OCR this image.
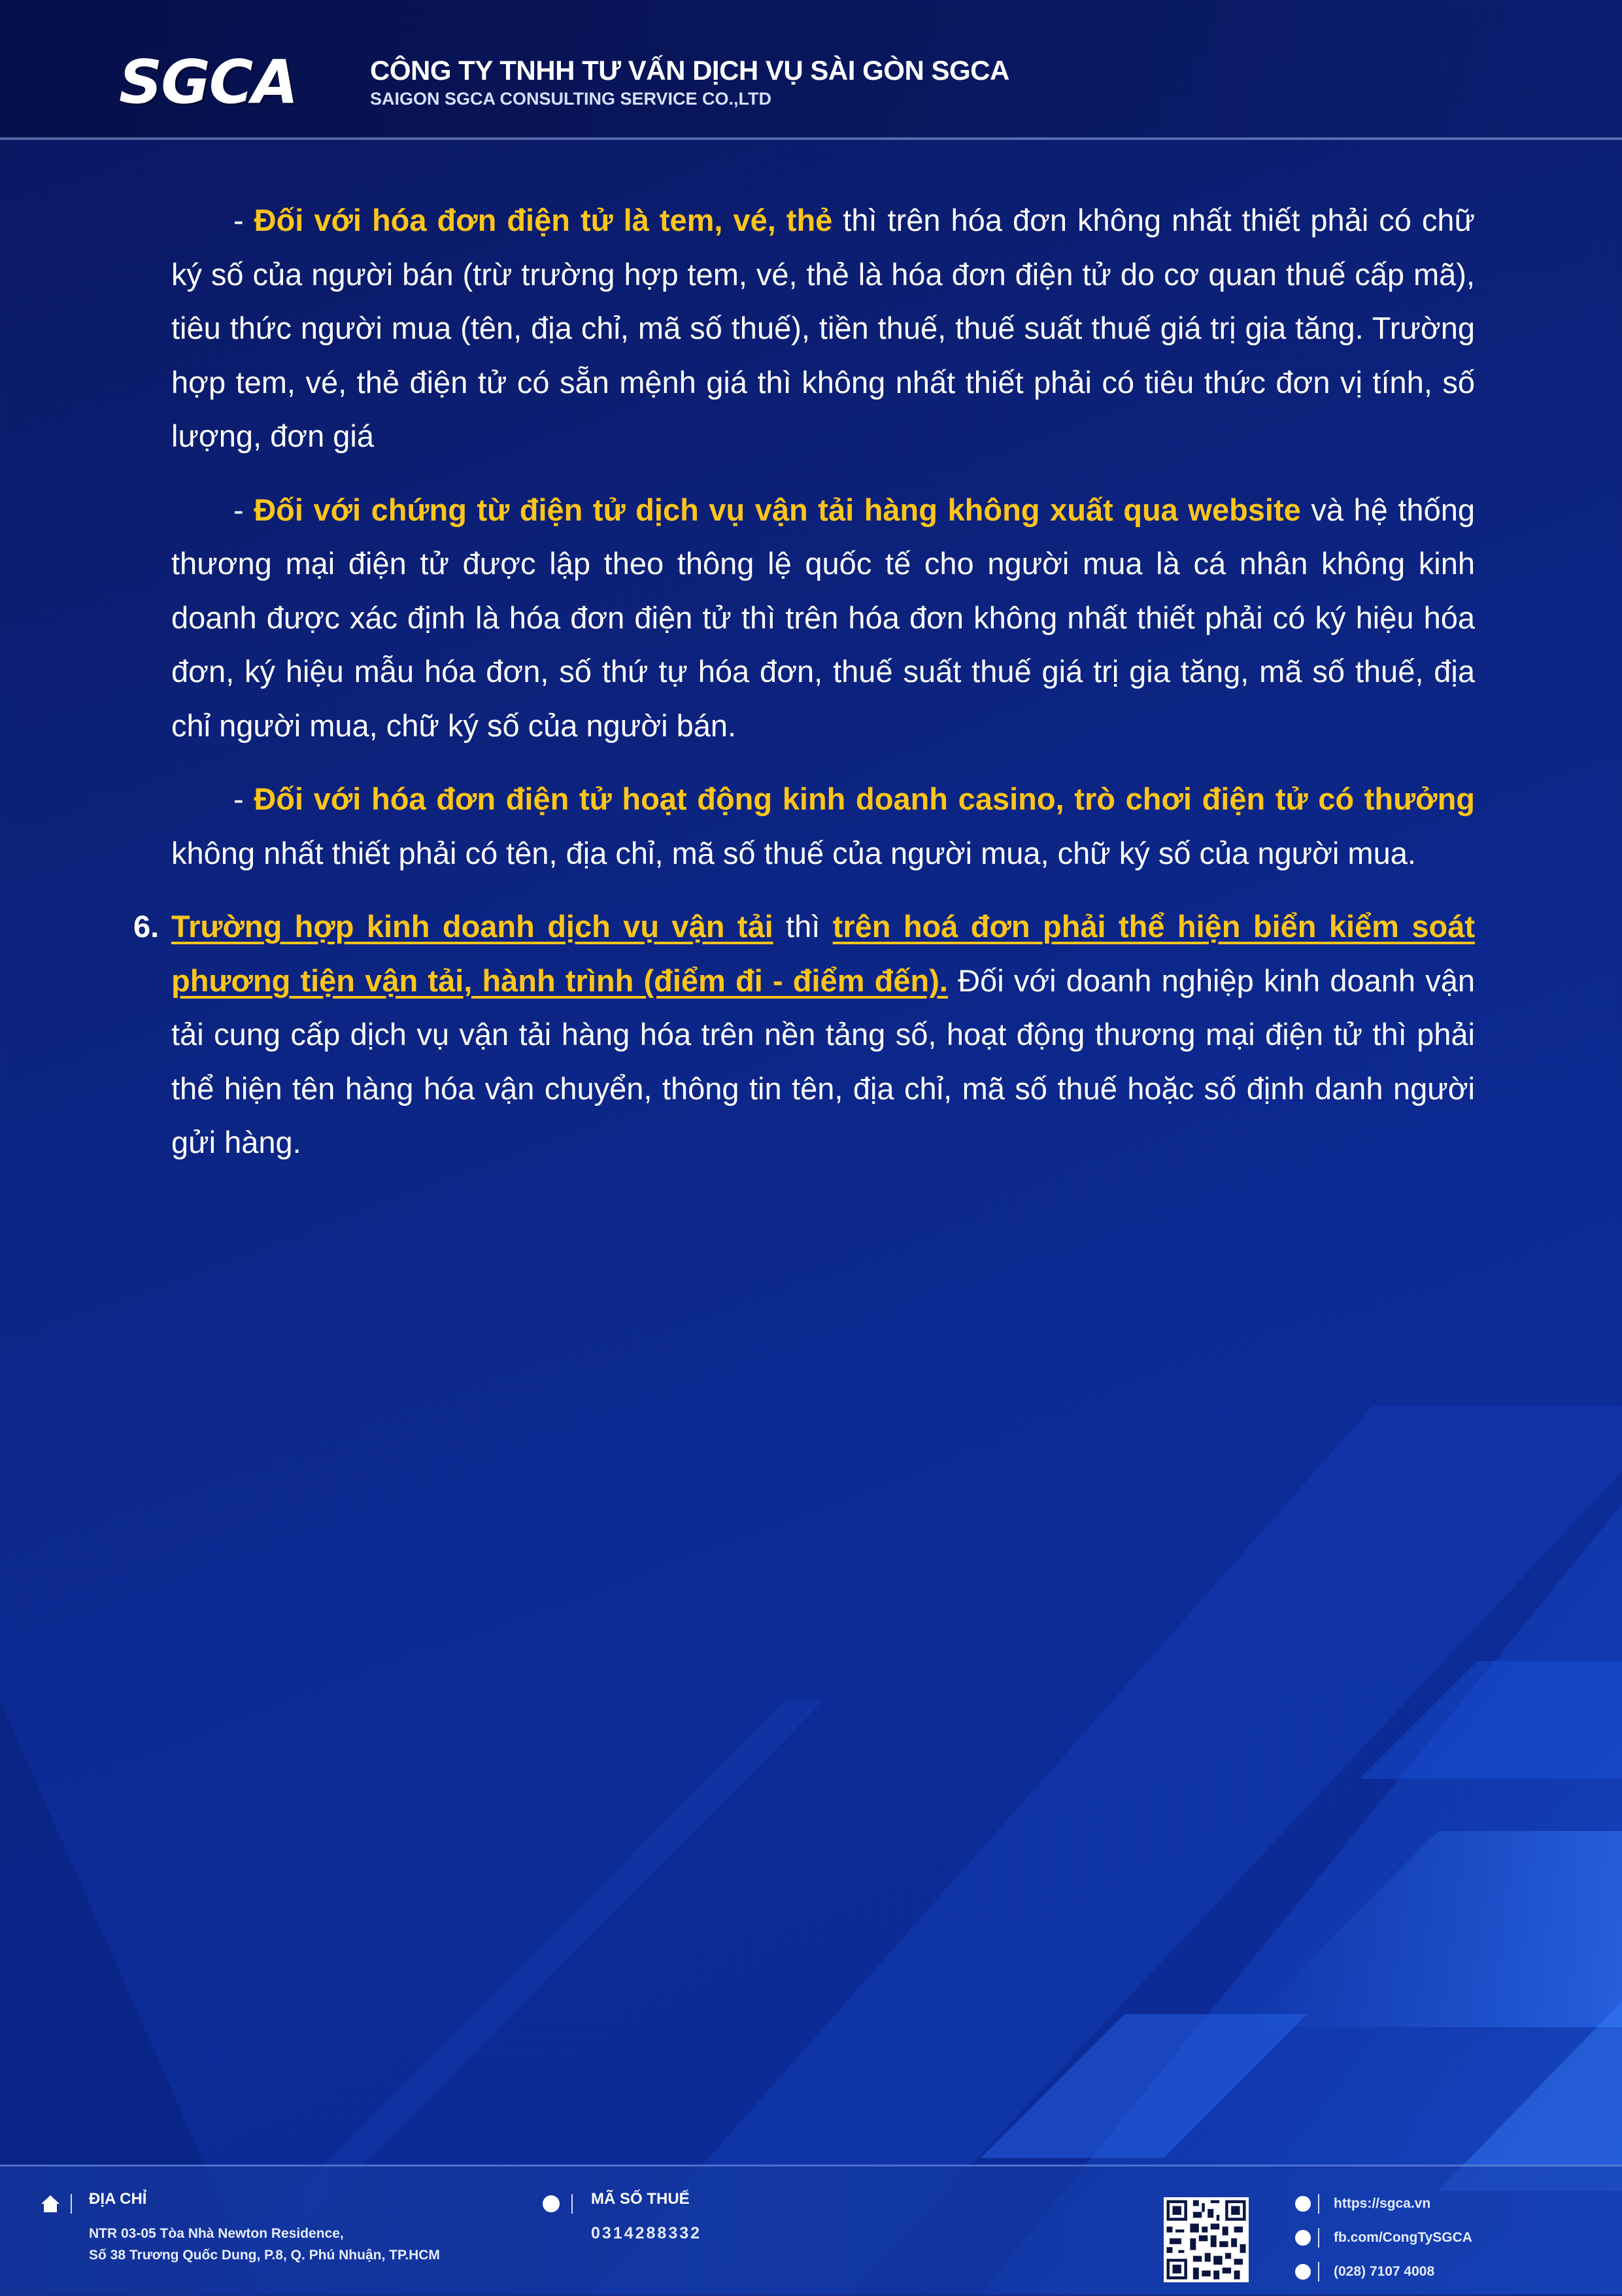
SGCA	CÔNG TY TNHH TƯ VẤN DỊCH VỤ SÀI GÒN SGCA
SAIGON SGCA CONSULTING SERVICE CO.,LTD

- Đối với hóa đơn điện tử là tem, vé, thẻ thì trên hóa đơn không nhất thiết phải có chữ ký số của người bán (trừ trường hợp tem, vé, thẻ là hóa đơn điện tử do cơ quan thuế cấp mã), tiêu thức người mua (tên, địa chỉ, mã số thuế), tiền thuế, thuế suất thuế giá trị gia tăng. Trường hợp tem, vé, thẻ điện tử có sẵn mệnh giá thì không nhất thiết phải có tiêu thức đơn vị tính, số lượng, đơn giá

- Đối với chứng từ điện tử dịch vụ vận tải hàng không xuất qua website và hệ thống thương mại điện tử được lập theo thông lệ quốc tế cho người mua là cá nhân không kinh doanh được xác định là hóa đơn điện tử thì trên hóa đơn không nhất thiết phải có ký hiệu hóa đơn, ký hiệu mẫu hóa đơn, số thứ tự hóa đơn, thuế suất thuế giá trị gia tăng, mã số thuế, địa chỉ người mua, chữ ký số của người bán.

- Đối với hóa đơn điện tử hoạt động kinh doanh casino, trò chơi điện tử có thưởng không nhất thiết phải có tên, địa chỉ, mã số thuế của người mua, chữ ký số của người mua.

6. Trường hợp kinh doanh dịch vụ vận tải thì trên hoá đơn phải thể hiện biển kiểm soát phương tiện vận tải, hành trình (điểm đi - điểm đến). Đối với doanh nghiệp kinh doanh vận tải cung cấp dịch vụ vận tải hàng hóa trên nền tảng số, hoạt động thương mại điện tử thì phải thể hiện tên hàng hóa vận chuyển, thông tin tên, địa chỉ, mã số thuế hoặc số định danh người gửi hàng.

ĐỊA CHỈ
NTR 03-05 Tòa Nhà Newton Residence,
Số 38 Trương Quốc Dung, P.8, Q. Phú Nhuận, TP.HCM
MÃ SỐ THUẾ
0314288332
https://sgca.vn
fb.com/CongTySGCA
(028) 7107 4008
